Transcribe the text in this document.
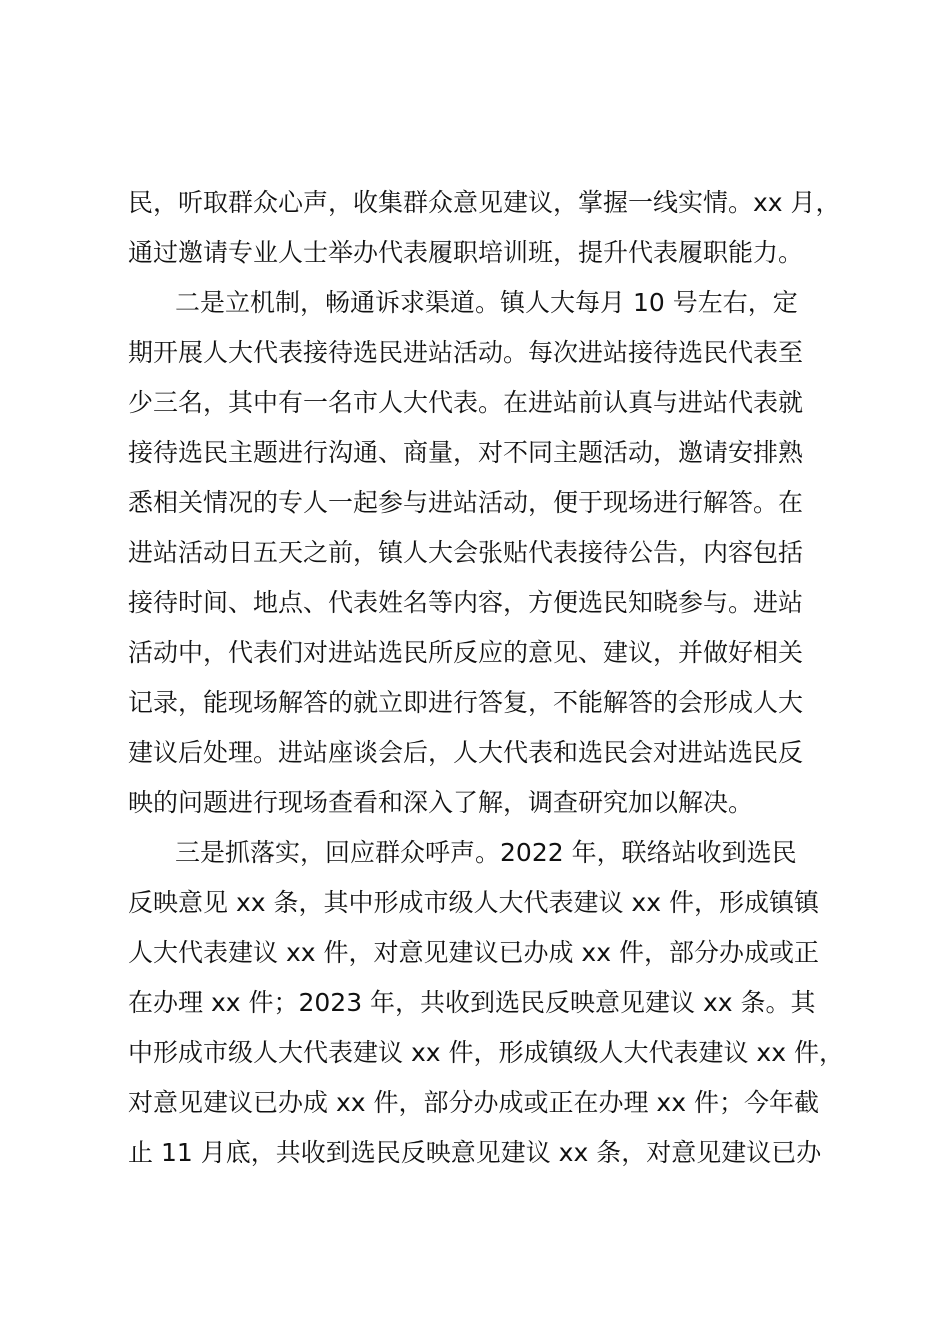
民，听取群众心声，收集群众意见建议，掌握一线实情。xx 月，
通过邀请专业人士举办代表履职培训班，提升代表履职能力。
二是立机制，畅通诉求渠道。镇人大每月 10 号左右，定
期开展人大代表接待选民进站活动。每次进站接待选民代表至
少三名，其中有一名市人大代表。在进站前认真与进站代表就
接待选民主题进行沟通、商量，对不同主题活动，邀请安排熟
悉相关情况的专人一起参与进站活动，便于现场进行解答。在
进站活动日五天之前，镇人大会张贴代表接待公告，内容包括
接待时间、地点、代表姓名等内容，方便选民知晓参与。进站
活动中，代表们对进站选民所反应的意见、建议，并做好相关
记录，能现场解答的就立即进行答复，不能解答的会形成人大
建议后处理。进站座谈会后，人大代表和选民会对进站选民反
映的问题进行现场查看和深入了解，调查研究加以解决。
三是抓落实，回应群众呼声。2022 年，联络站收到选民
反映意见 xx 条，其中形成市级人大代表建议 xx 件，形成镇镇
人大代表建议 xx 件，对意见建议已办成 xx 件，部分办成或正
在办理 xx 件；2023 年，共收到选民反映意见建议 xx 条。其
中形成市级人大代表建议 xx 件，形成镇级人大代表建议 xx 件，
对意见建议已办成 xx 件，部分办成或正在办理 xx 件；今年截
止 11 月底，共收到选民反映意见建议 xx 条，对意见建议已办
